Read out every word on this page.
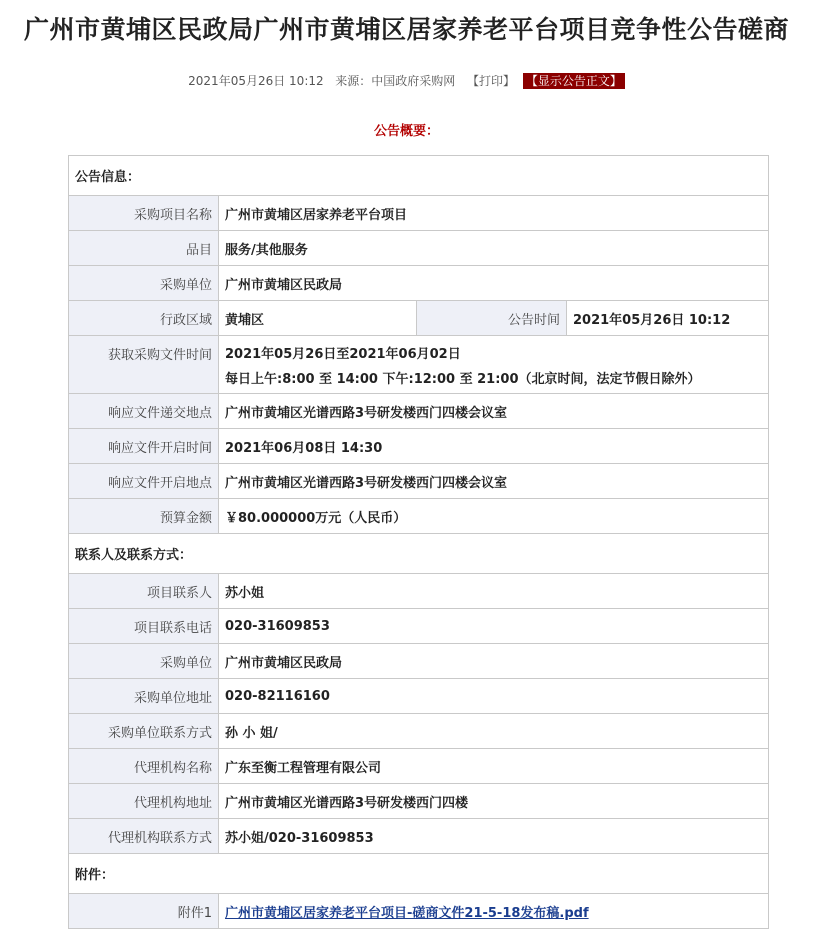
广州市黄埔区民政局广州市黄埔区居家养老平台项目竞争性公告磋商
2021年05月26日 10:12 来源：中国政府采购网 【打印】 【显示公告正文】
公告概要：
公告信息：			
采购项目名称	广州市黄埔区居家养老平台项目		
品目	服务/其他服务		
采购单位	广州市黄埔区民政局		
行政区域	黄埔区	公告时间	2021年05月26日 10:12
获取采购文件时间	2021年05月26日至2021年06月02日
每日上午:8:00 至 14:00 下午:12:00 至 21:00（北京时间，法定节假日除外）		

响应文件递交地点	广州市黄埔区光谱西路3号研发楼西门四楼会议室		
响应文件开启时间	2021年06月08日 14:30		
响应文件开启地点	广州市黄埔区光谱西路3号研发楼西门四楼会议室		
预算金额	￥80.000000万元（人民币）		
联系人及联系方式：			
项目联系人	苏小姐		
项目联系电话	020-31609853		
采购单位	广州市黄埔区民政局		
采购单位地址	020-82116160		
采购单位联系方式	孙 小 姐/		
代理机构名称	广东至衡工程管理有限公司		
代理机构地址	广州市黄埔区光谱西路3号研发楼西门四楼		
代理机构联系方式	苏小姐/020-31609853		
附件：			
附件1	广州市黄埔区居家养老平台项目-磋商文件21-5-18发布稿.pdf		
